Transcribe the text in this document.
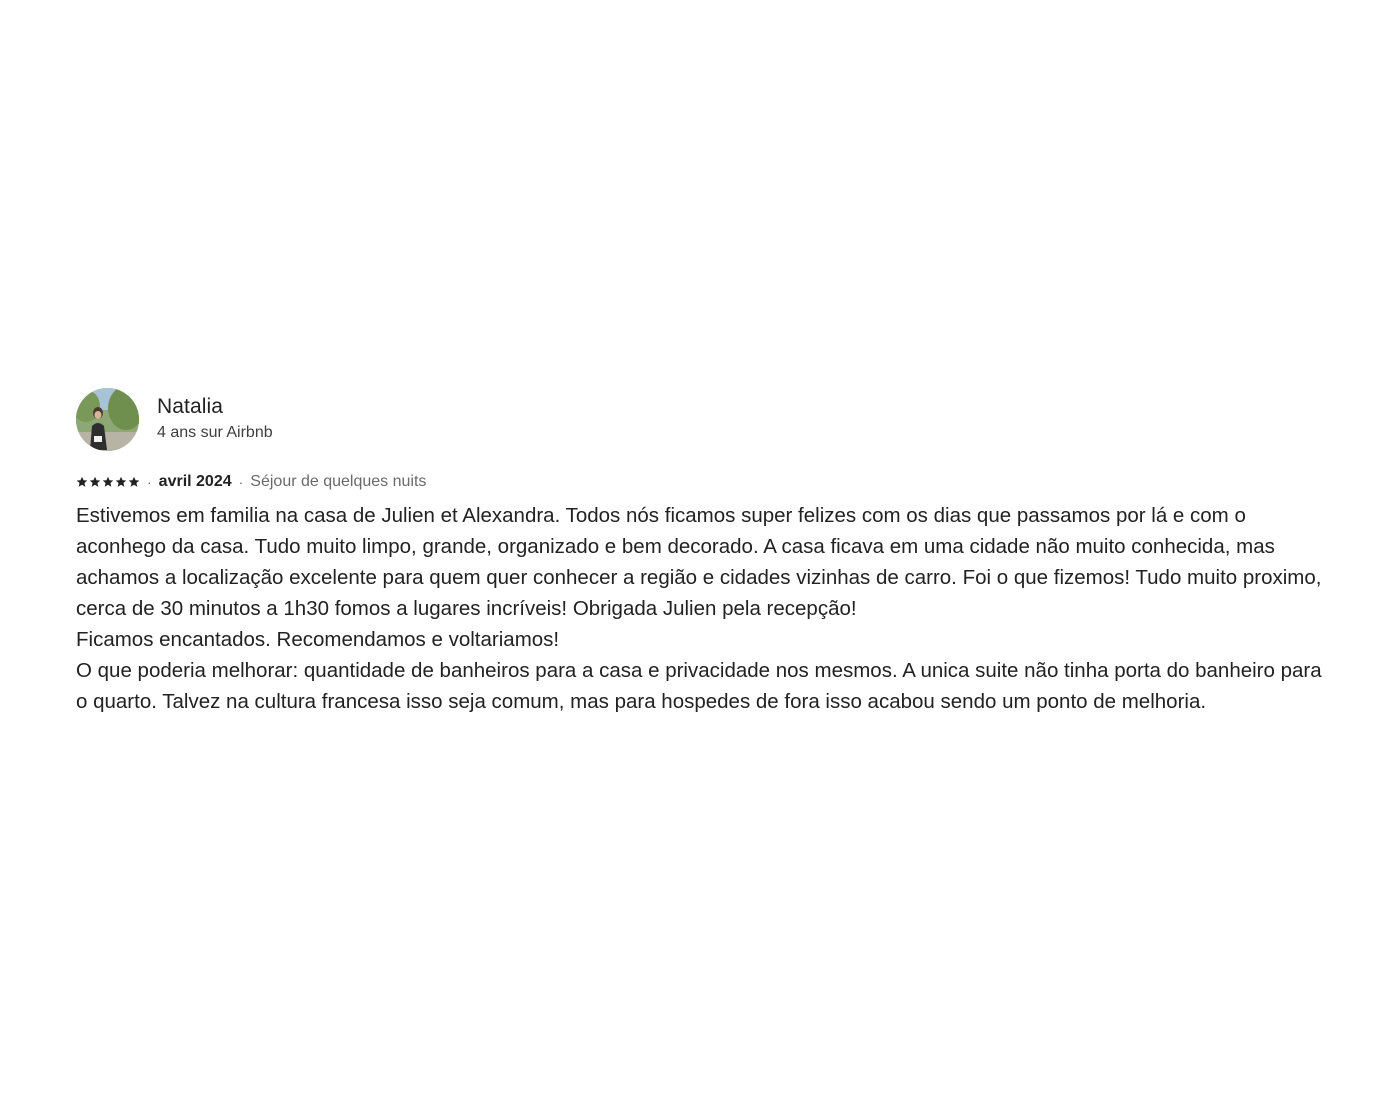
Natalia
4 ans sur Airbnb
· avril 2024 · Séjour de quelques nuits

Estivemos em familia na casa de Julien et Alexandra. Todos nós ficamos super felizes com os dias que passamos por lá e com o aconhego da casa. Tudo muito limpo, grande, organizado e bem decorado. A casa ficava em uma cidade não muito conhecida, mas achamos a localização excelente para quem quer conhecer a região e cidades vizinhas de carro. Foi o que fizemos! Tudo muito proximo, cerca de 30 minutos a 1h30 fomos a lugares incríveis! Obrigada Julien pela recepção!

Ficamos encantados. Recomendamos e voltariamos!

O que poderia melhorar: quantidade de banheiros para a casa e privacidade nos mesmos. A unica suite não tinha porta do banheiro para o quarto. Talvez na cultura francesa isso seja comum, mas para hospedes de fora isso acabou sendo um ponto de melhoria.
